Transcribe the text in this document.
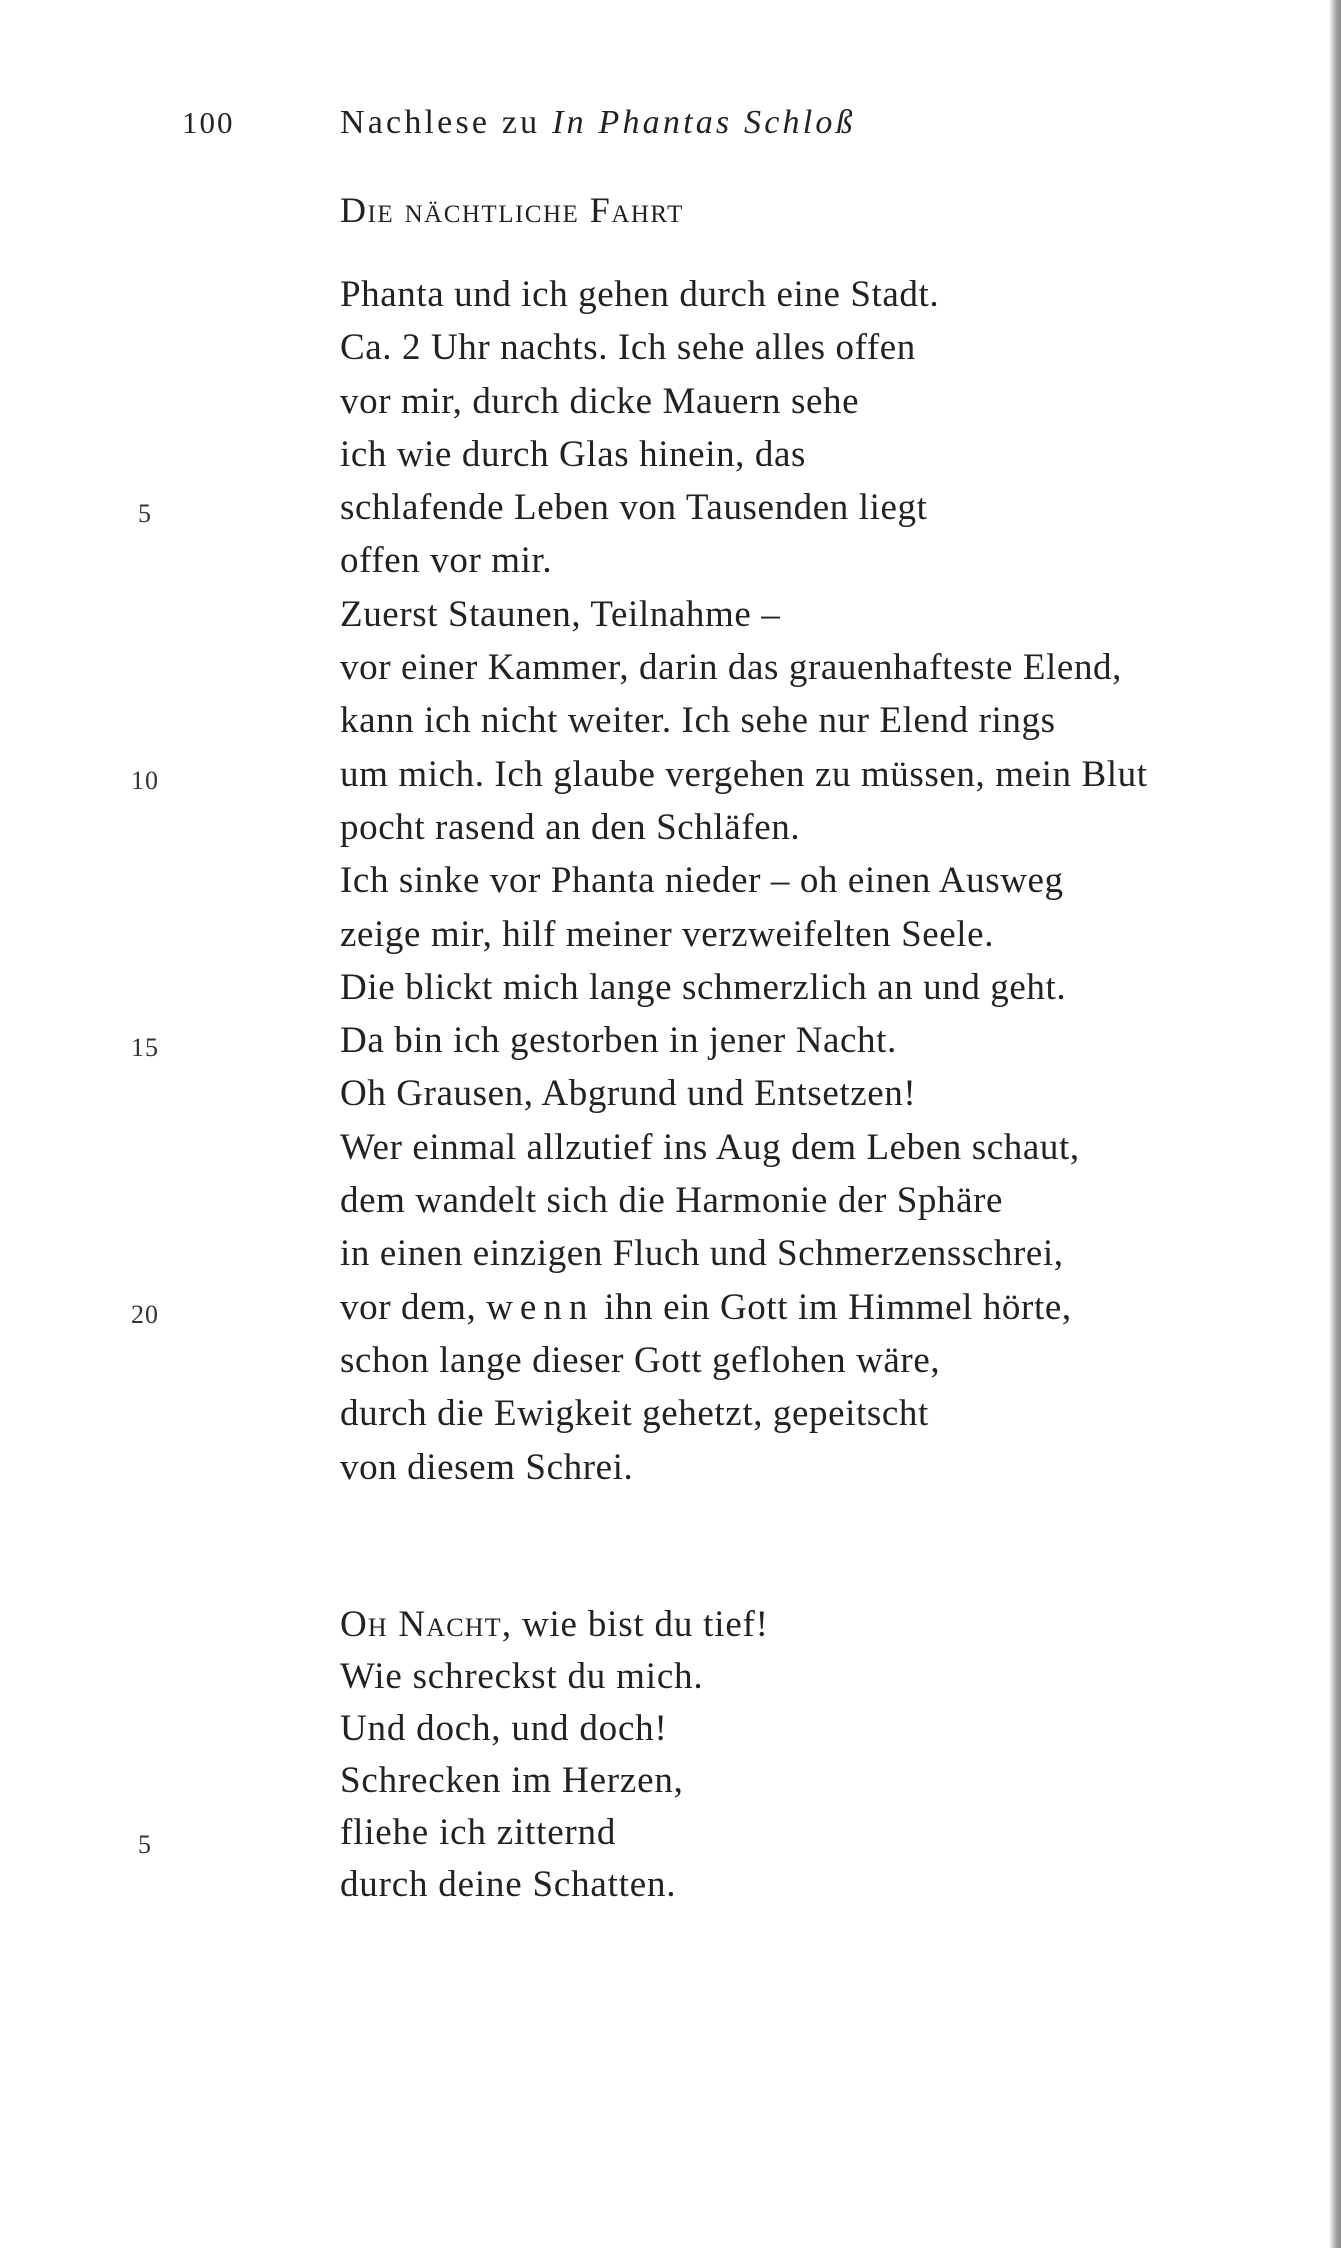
100	Nachlese zu In Phantas Schloß
Die nächtliche Fahrt
Phanta und ich gehen durch eine Stadt.
Ca. 2 Uhr nachts. Ich sehe alles offen
vor mir, durch dicke Mauern sehe
ich wie durch Glas hinein, das
schlafende Leben von Tausenden liegt
offen vor mir.
Zuerst Staunen, Teilnahme –
vor einer Kammer, darin das grauenhafteste Elend,
kann ich nicht weiter. Ich sehe nur Elend rings
um mich. Ich glaube vergehen zu müssen, mein Blut
pocht rasend an den Schläfen.
Ich sinke vor Phanta nieder – oh einen Ausweg
zeige mir, hilf meiner verzweifelten Seele.
Die blickt mich lange schmerzlich an und geht.
Da bin ich gestorben in jener Nacht.
Oh Grausen, Abgrund und Entsetzen!
Wer einmal allzutief ins Aug dem Leben schaut,
dem wandelt sich die Harmonie der Sphäre
in einen einzigen Fluch und Schmerzensschrei,
vor dem, wenn ihn ein Gott im Himmel hörte,
schon lange dieser Gott geflohen wäre,
durch die Ewigkeit gehetzt, gepeitscht
von diesem Schrei.
5
10
15
20
Oh Nacht, wie bist du tief!
Wie schreckst du mich.
Und doch, und doch!
Schrecken im Herzen,
fliehe ich zitternd
durch deine Schatten.
5
